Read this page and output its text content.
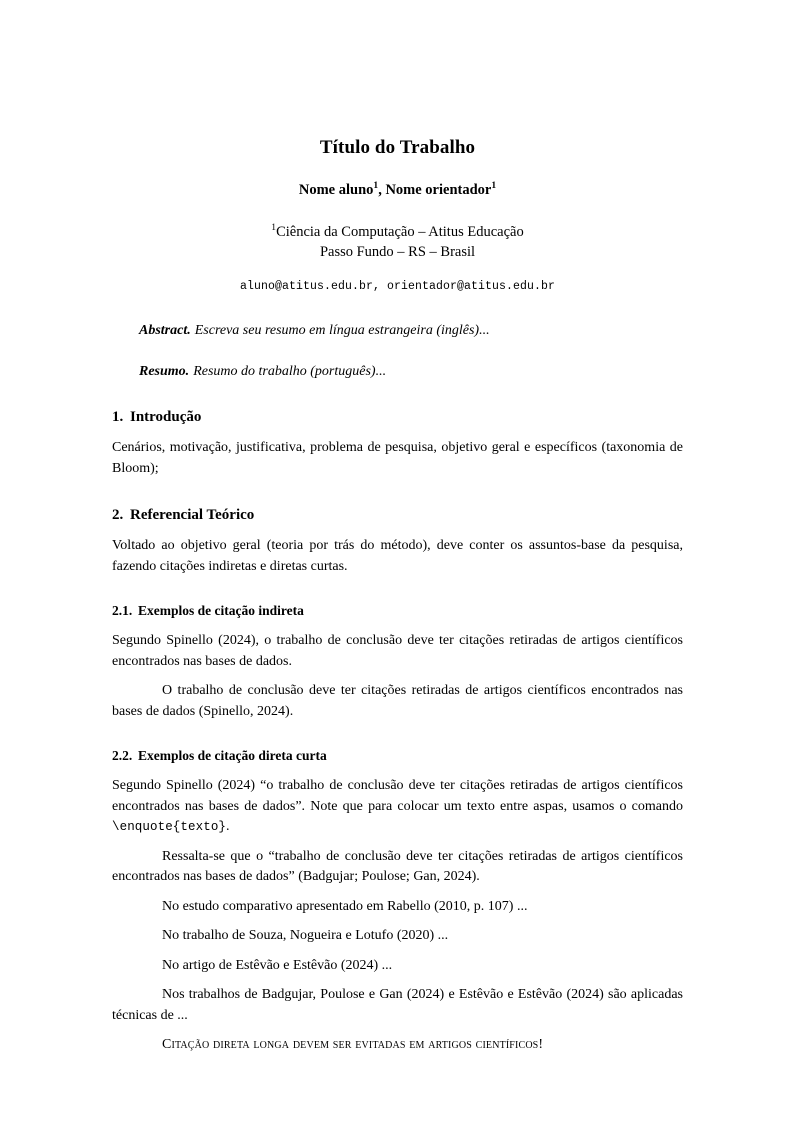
Título do Trabalho
Nome aluno$^1$, Nome orientador$^1$
$^1$Ciência da Computação – Atitus Educação
Passo Fundo – RS – Brasil
aluno@atitus.edu.br, orientador@atitus.edu.br

Abstract. Escreva seu resumo em língua estrangeira (inglês)...

Resumo. Resumo do trabalho (português)...

1. Introdução

Cenários, motivação, justificativa, problema de pesquisa, objetivo geral e específicos (taxonomia de Bloom);

2. Referencial Teórico

Voltado ao objetivo geral (teoria por trás do método), deve conter os assuntos-base da pesquisa, fazendo citações indiretas e diretas curtas.

2.1. Exemplos de citação indireta

Segundo Spinello (2024), o trabalho de conclusão deve ter citações retiradas de artigos científicos encontrados nas bases de dados.

O trabalho de conclusão deve ter citações retiradas de artigos científicos encontrados nas bases de dados (Spinello, 2024).

2.2. Exemplos de citação direta curta

Segundo Spinello (2024) “o trabalho de conclusão deve ter citações retiradas de artigos científicos encontrados nas bases de dados”. Note que para colocar um texto entre aspas, usamos o comando \enquote{texto}.

Ressalta-se que o “trabalho de conclusão deve ter citações retiradas de artigos científicos encontrados nas bases de dados” (Badgujar; Poulose; Gan, 2024).

No estudo comparativo apresentado em Rabello (2010, p. 107) ...

No trabalho de Souza, Nogueira e Lotufo (2020) ...

No artigo de Estêvão e Estêvão (2024) ...

Nos trabalhos de Badgujar, Poulose e Gan (2024) e Estêvão e Estêvão (2024) são aplicadas técnicas de ...

Citação direta longa devem ser evitadas em artigos científicos!
